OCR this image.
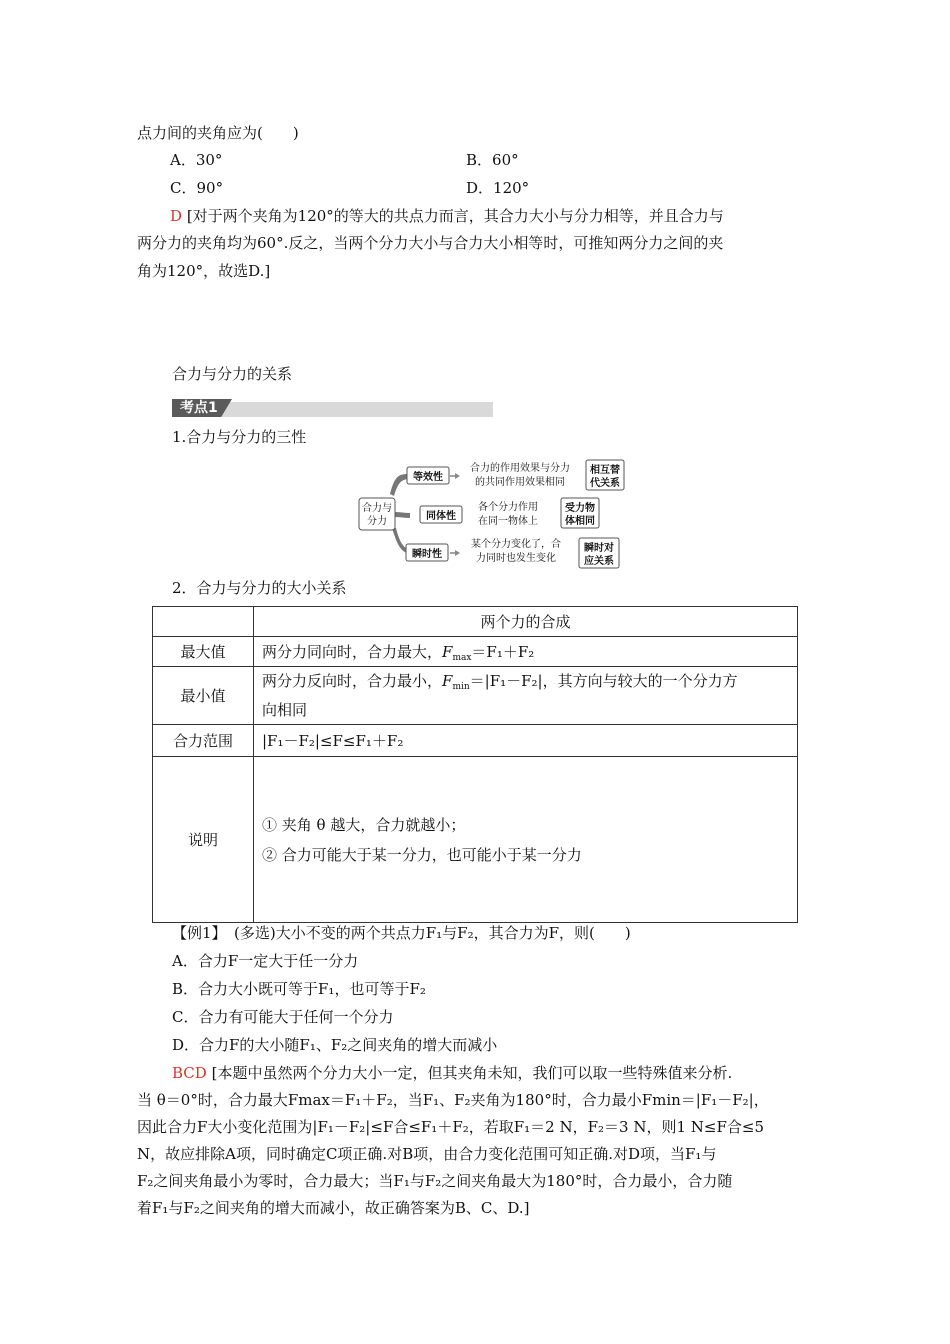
点力间的夹角应为(　　)
A．30°	B．60°
C．90°	D．120°
D [对于两个夹角为120°的等大的共点力而言，其合力大小与分力相等，并且合力与
两分力的夹角均为60°.反之，当两个分力大小与合力大小相等时，可推知两分力之间的夹
角为120°，故选D.]
合力与分力的关系
考点1
1.合力与分力的三性
合力与
分力
等效性
同体性
瞬时性
合力的作用效果与分力
的共同作用效果相同
各个分力作用
在同一物体上
某个分力变化了，合
力同时也发生变化
相互替
代关系
受力物
体相同
瞬时对
应关系
2．合力与分力的大小关系
	两个力的合成
最大值	两分力同向时，合力最大，$F_{max}=F_1+F_2$
最小值	两分力反向时，合力最小，$F_{min}=|F_1-F_2|$，其方向与较大的一个分力方
向相同
合力范围	|F₁－F₂|≤F≤F₁＋F₂
说明	① 夹角 θ 越大，合力就越小；
② 合力可能大于某一分力，也可能小于某一分力
【例1】　(多选)大小不变的两个共点力F₁与F₂，其合力为F，则(　　)
A．合力F一定大于任一分力
B．合力大小既可等于F₁，也可等于F₂
C．合力有可能大于任何一个分力
D．合力F的大小随F₁、F₂之间夹角的增大而减小
BCD [本题中虽然两个分力大小一定，但其夹角未知，我们可以取一些特殊值来分析.
当 θ＝0°时，合力最大Fmax＝F₁＋F₂，当F₁、F₂夹角为180°时，合力最小Fmin＝|F₁－F₂|，
因此合力F大小变化范围为|F₁－F₂|≤F合≤F₁＋F₂，若取F₁＝2 N，F₂＝3 N，则1 N≤F合≤5
N，故应排除A项，同时确定C项正确.对B项，由合力变化范围可知正确.对D项，当F₁与
F₂之间夹角最小为零时，合力最大；当F₁与F₂之间夹角最大为180°时，合力最小，合力随
着F₁与F₂之间夹角的增大而减小，故正确答案为B、C、D.]
